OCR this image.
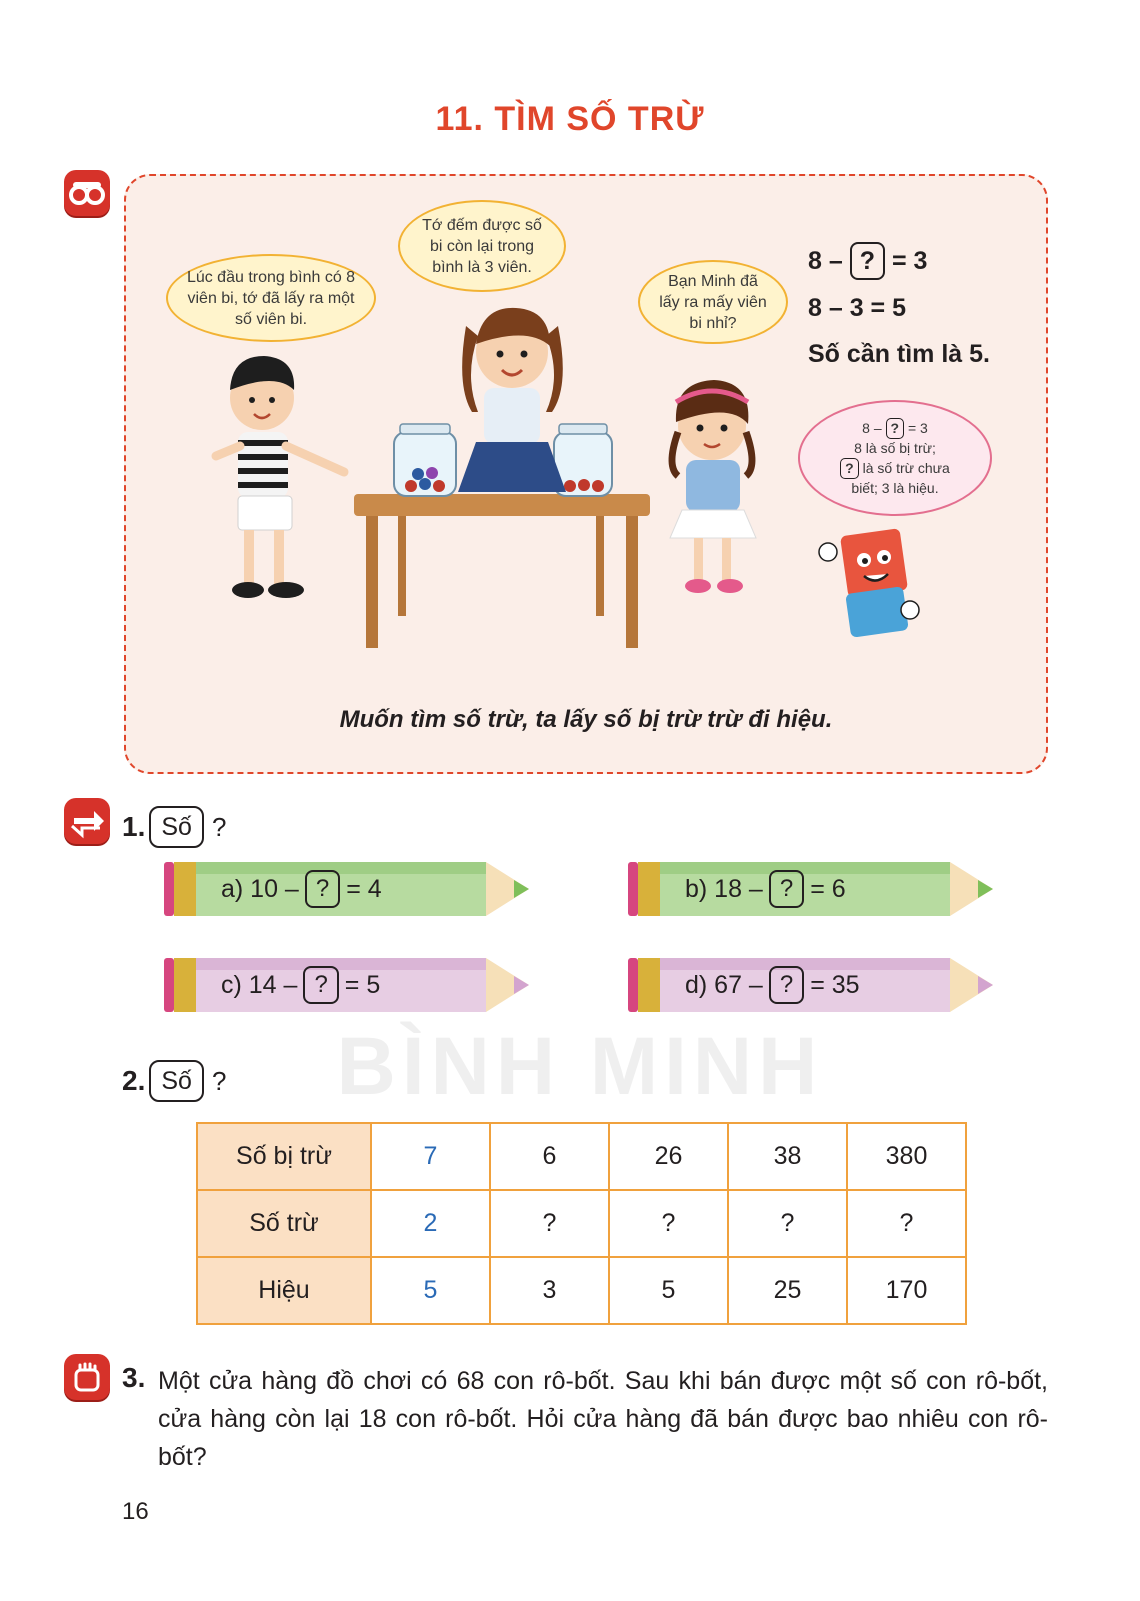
BÌNH MINH
11. TÌM SỐ TRỪ
Lúc đầu trong bình có 8 viên bi, tớ đã lấy ra một số viên bi.
Tớ đếm được số bi còn lại trong bình là 3 viên.
Bạn Minh đã lấy ra mấy viên bi nhỉ?
8 – ? = 3
8 – 3 = 5
Số cần tìm là 5.
8 – ? = 3
8 là số bị trừ;
? là số trừ chưa
biết; 3 là hiệu.
Muốn tìm số trừ, ta lấy số bị trừ trừ đi hiệu.
1. Số ?
a) 10 – ? = 4	b) 18 – ? = 6
c) 14 – ? = 5	d) 67 – ? = 35
2. Số ?
Số bị trừ	7	6	26	38	380
Số trừ	2	?	?	?	?
Hiệu	5	3	5	25	170
3. Một cửa hàng đồ chơi có 68 con rô-bốt. Sau khi bán được một số con rô-bốt, cửa hàng còn lại 18 con rô-bốt. Hỏi cửa hàng đã bán được bao nhiêu con rô-bốt?
16
